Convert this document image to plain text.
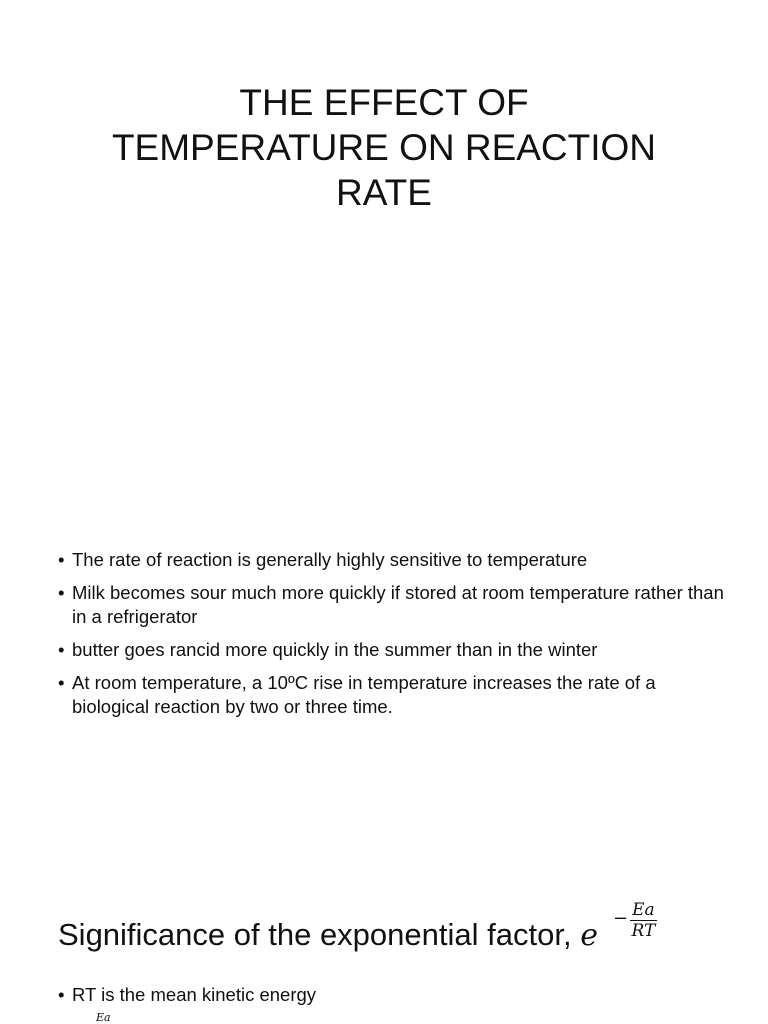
THE EFFECT OF
TEMPERATURE ON REACTION
RATE
• The rate of reaction is generally highly sensitive to temperature
• Milk becomes sour much more quickly if stored at room temperature rather than in a refrigerator
• butter goes rancid more quickly in the summer than in the winter
• At room temperature, a 10ºC rise in temperature increases the rate of a biological reaction by two or three time.
Significance of the exponential factor, $e - \frac{Ea}{RT}$
• RT is the mean kinetic energy
Ea
